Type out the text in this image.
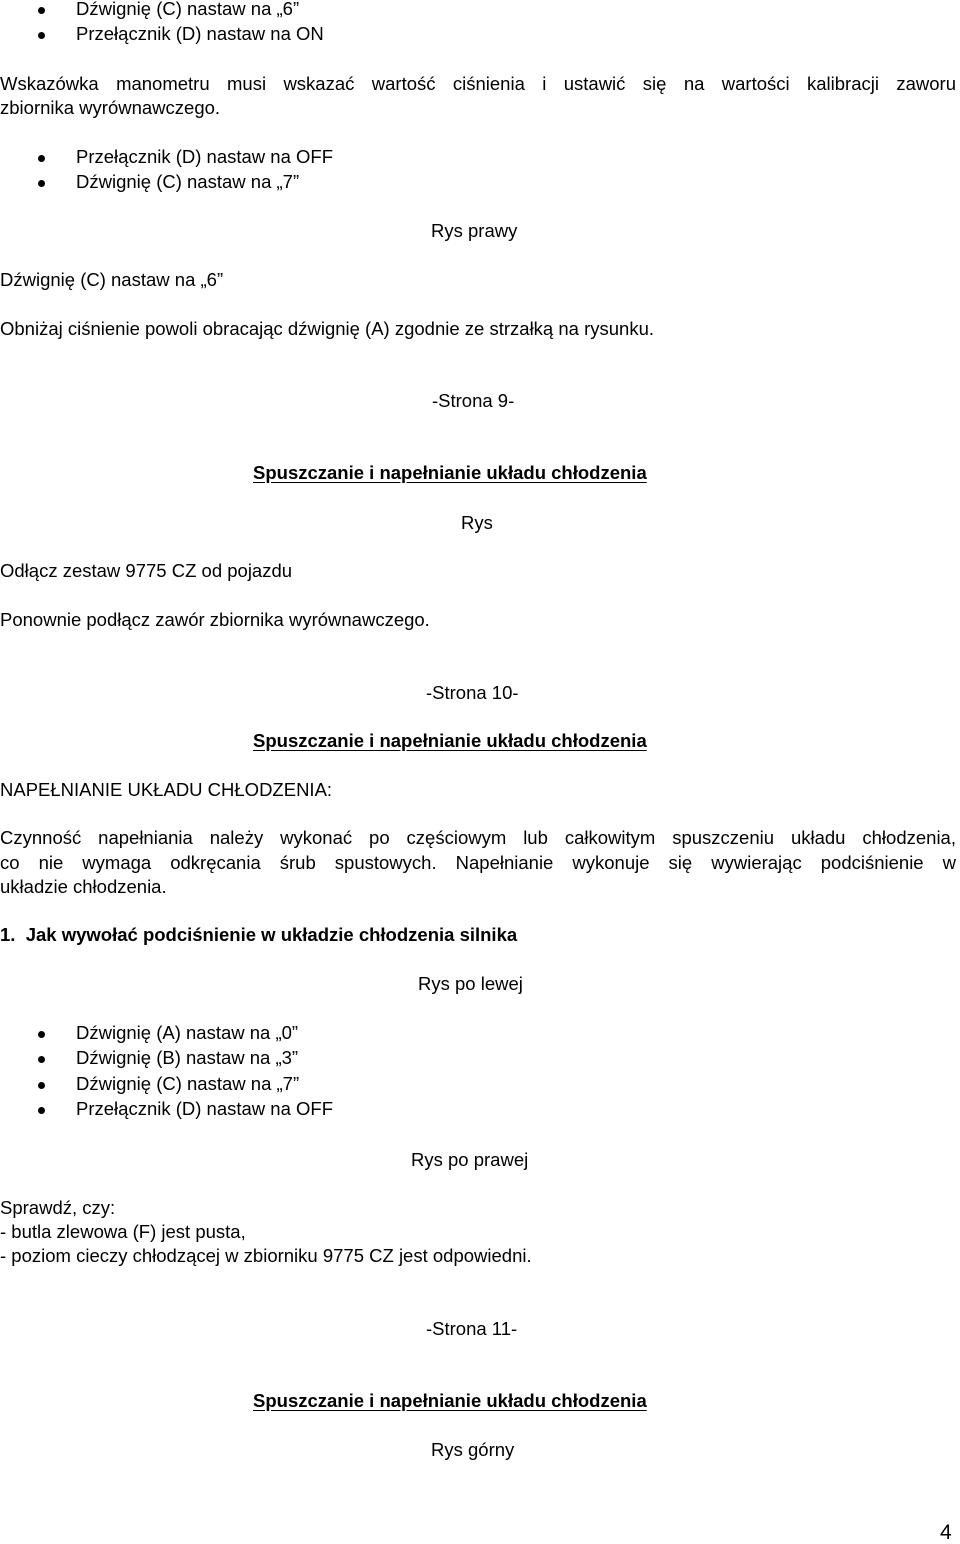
Dźwignię (C) nastaw na „6”
Przełącznik (D) nastaw na ON
Wskazówka manometru musi wskazać wartość ciśnienia i ustawić się na wartości kalibracji zaworu
zbiornika wyrównawczego.
Przełącznik (D) nastaw na OFF
Dźwignię (C) nastaw na „7”
Rys prawy
Dźwignię (C) nastaw na „6”
Obniżaj ciśnienie powoli obracając dźwignię (A) zgodnie ze strzałką na rysunku.
-Strona 9-
Spuszczanie i napełnianie układu chłodzenia
Rys
Odłącz zestaw 9775 CZ od pojazdu
Ponownie podłącz zawór zbiornika wyrównawczego.
-Strona 10-
Spuszczanie i napełnianie układu chłodzenia
NAPEŁNIANIE UKŁADU CHŁODZENIA:
Czynność napełniania należy wykonać po częściowym lub całkowitym spuszczeniu układu chłodzenia,
co nie wymaga odkręcania śrub spustowych. Napełnianie wykonuje się wywierając podciśnienie w
układzie chłodzenia.
1.  Jak wywołać podciśnienie w układzie chłodzenia silnika
Rys po lewej
Dźwignię (A) nastaw na „0”
Dźwignię (B) nastaw na „3”
Dźwignię (C) nastaw na „7”
Przełącznik (D) nastaw na OFF
Rys po prawej
Sprawdź, czy:
- butla zlewowa (F) jest pusta,
- poziom cieczy chłodzącej w zbiorniku 9775 CZ jest odpowiedni.
-Strona 11-
Spuszczanie i napełnianie układu chłodzenia
Rys górny
4
